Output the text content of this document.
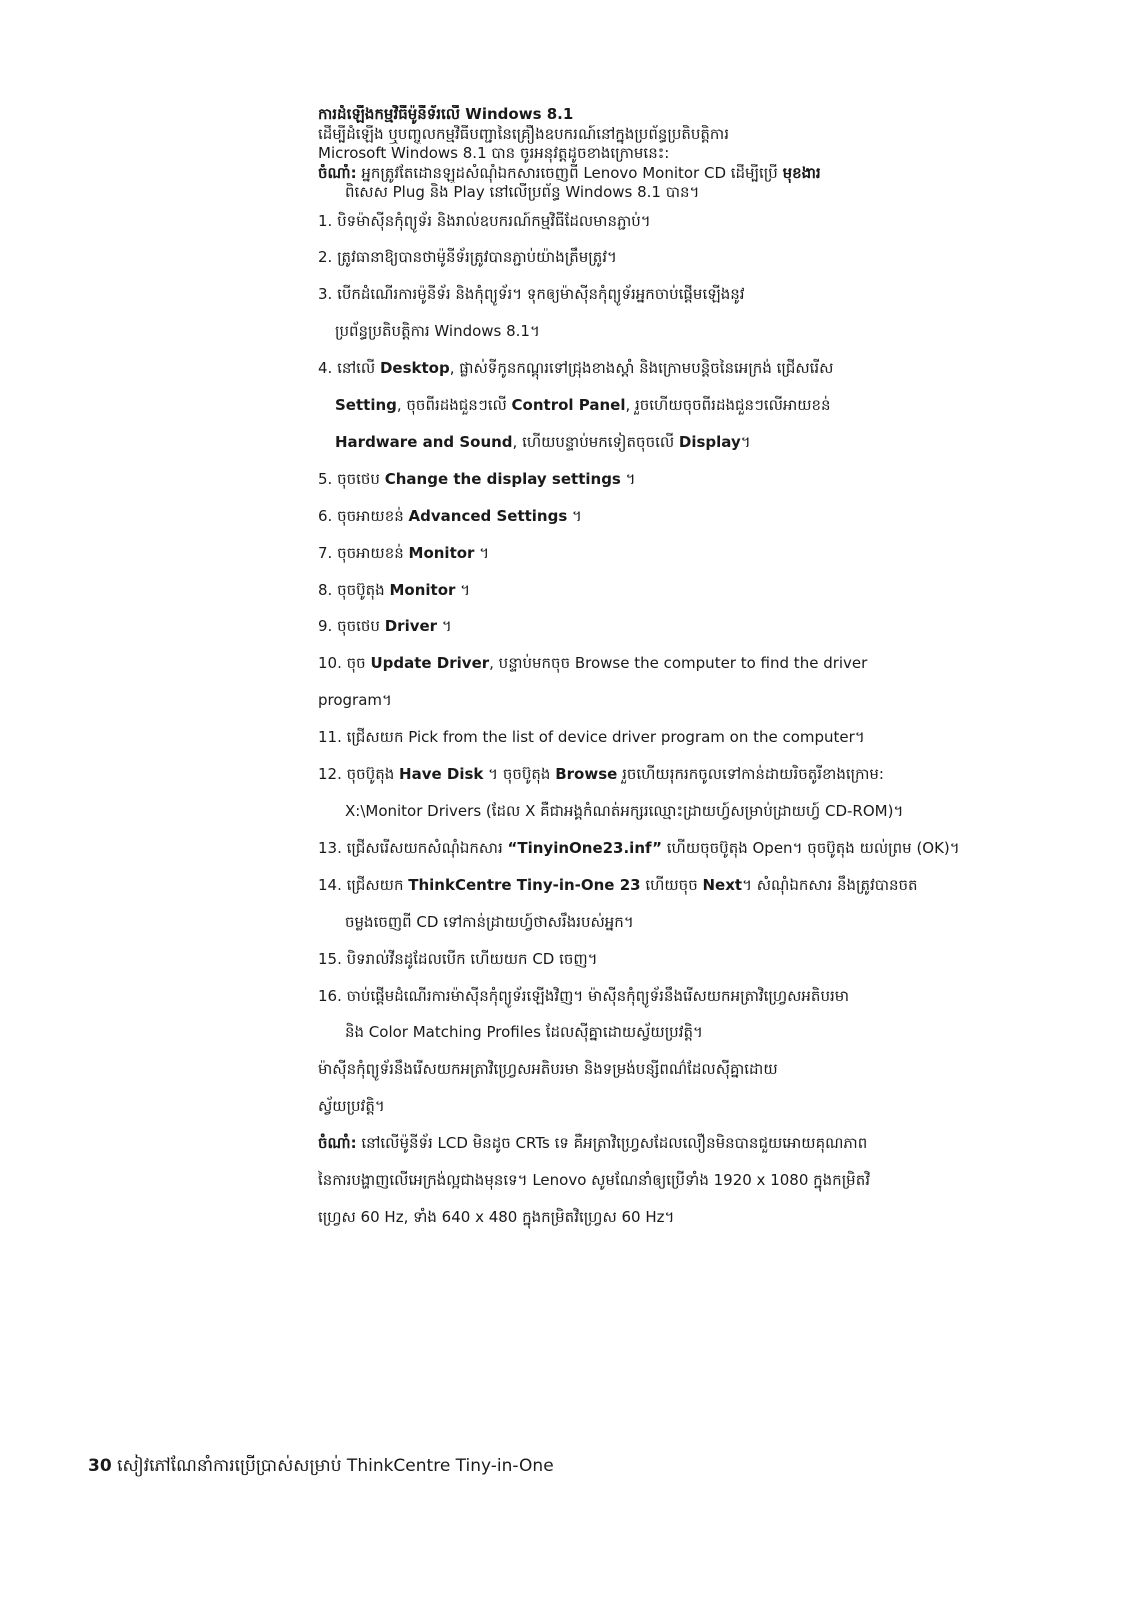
ការដំឡើងកម្មវិធីម៉ូនីទ័រលើ Windows 8.1
ដើម្បីដំឡើង ឬបញ្ចូលកម្មវិធីបញ្ជានៃគ្រឿងឧបករណ៍នៅក្នុងប្រព័ន្ធប្រតិបត្តិការ
Microsoft Windows 8.1 បាន ចូរអនុវត្តដូចខាងក្រោមនេះ:
ចំណាំ: អ្នកត្រូវតែដោនឡូដសំណុំឯកសារចេញពី Lenovo Monitor CD ដើម្បីប្រើ មុខងារ
ពិសេស Plug និង Play នៅលើប្រព័ន្ធ Windows 8.1 បាន។
1. បិទម៉ាស៊ីនកុំព្យូទ័រ និងរាល់ឧបករណ៍កម្មវិធីដែលមានភ្ជាប់។
2. ត្រូវធានាឱ្យបានថាម៉ូនីទ័រត្រូវបានភ្ជាប់យ៉ាងត្រឹមត្រូវ។
3. បើកដំណើរការម៉ូនីទ័រ និងកុំព្យូទ័រ។ ទុកឲ្យម៉ាស៊ីនកុំព្យូទ័រអ្នកចាប់ផ្តើមឡើងនូវ
ប្រព័ន្ធប្រតិបត្តិការ Windows 8.1។
4. នៅលើ Desktop, ផ្លាស់ទីកូនកណ្តុរទៅជ្រុងខាងស្តាំ និងក្រោមបន្តិចនៃអេក្រង់ ជ្រើសរើស
Setting, ចុចពីរដងជួនៗលើ Control Panel, រួចហើយចុចពីរដងជួនៗលើអាយខន់
Hardware and Sound, ហើយបន្ទាប់មកទៀតចុចលើ Display។
5. ចុចថេប Change the display settings ។
6. ចុចអាយខន់ Advanced Settings ។
7. ចុចអាយខន់ Monitor ។
8. ចុចប៊ូតុង Monitor ។
9. ចុចថេប Driver ។
10. ចុច Update Driver, បន្ទាប់មកចុច Browse the computer to find the driver
program។
11. ជ្រើសយក Pick from the list of device driver program on the computer។
12. ចុចប៊ូតុង Have Disk ។ ចុចប៊ូតុង Browse រួចហើយរុករកចូលទៅកាន់ដាយរិចតូរីខាងក្រោម:
X:\Monitor Drivers (ដែល X គឺជាអង្គកំណត់អក្សរឈ្មោះដ្រាយហ្វ៍សម្រាប់ដ្រាយហ្វ៍ CD-ROM)។
13. ជ្រើសរើសយកសំណុំឯកសារ “TinyinOne23.inf” ហើយចុចប៊ូតុង Open។ ចុចប៊ូតុង យល់ព្រម (OK)។
14. ជ្រើសយក ThinkCentre Tiny-in-One 23 ហើយចុច Next។ សំណុំឯកសារ នឹងត្រូវបានចត
ចម្លងចេញពី CD ទៅកាន់ដ្រាយហ្វ៍ថាសរឹងរបស់អ្នក។
15. បិទរាល់វីនដូដែលបើក ហើយយក CD ចេញ។
16. ចាប់ផ្តើមដំណើរការម៉ាស៊ីនកុំព្យូទ័រឡើងវិញ។ ម៉ាស៊ីនកុំព្យូទ័រនឹងរើសយកអត្រាវិហ្វ្រេសអតិបរមា
និង Color Matching Profiles ដែលស៊ីគ្នាដោយស្វ័យប្រវត្តិ។
ម៉ាស៊ីនកុំព្យូទ័រនឹងរើសយកអត្រាវិហ្វ្រេសអតិបរមា និងទម្រង់បន្សីពណ៌ដែលស៊ីគ្នាដោយ
ស្វ័យប្រវត្តិ។
ចំណាំ: នៅលើម៉ូនីទ័រ LCD មិនដូច CRTs ទេ គឺអត្រាវិហ្វ្រេសដែលលឿនមិនបានជួយអោយគុណភាព
នៃការបង្ហាញលើអេក្រង់ល្អជាងមុនទេ។ Lenovo សូមណែនាំឲ្យប្រើទាំង 1920 x 1080 ក្នុងកម្រិតវិ
ហ្វ្រេស 60 Hz, ទាំង 640 x 480 ក្នុងកម្រិតវិហ្វ្រេស 60 Hz។
30 សៀវភៅណែនាំការប្រើប្រាស់សម្រាប់ ThinkCentre Tiny-in-One
